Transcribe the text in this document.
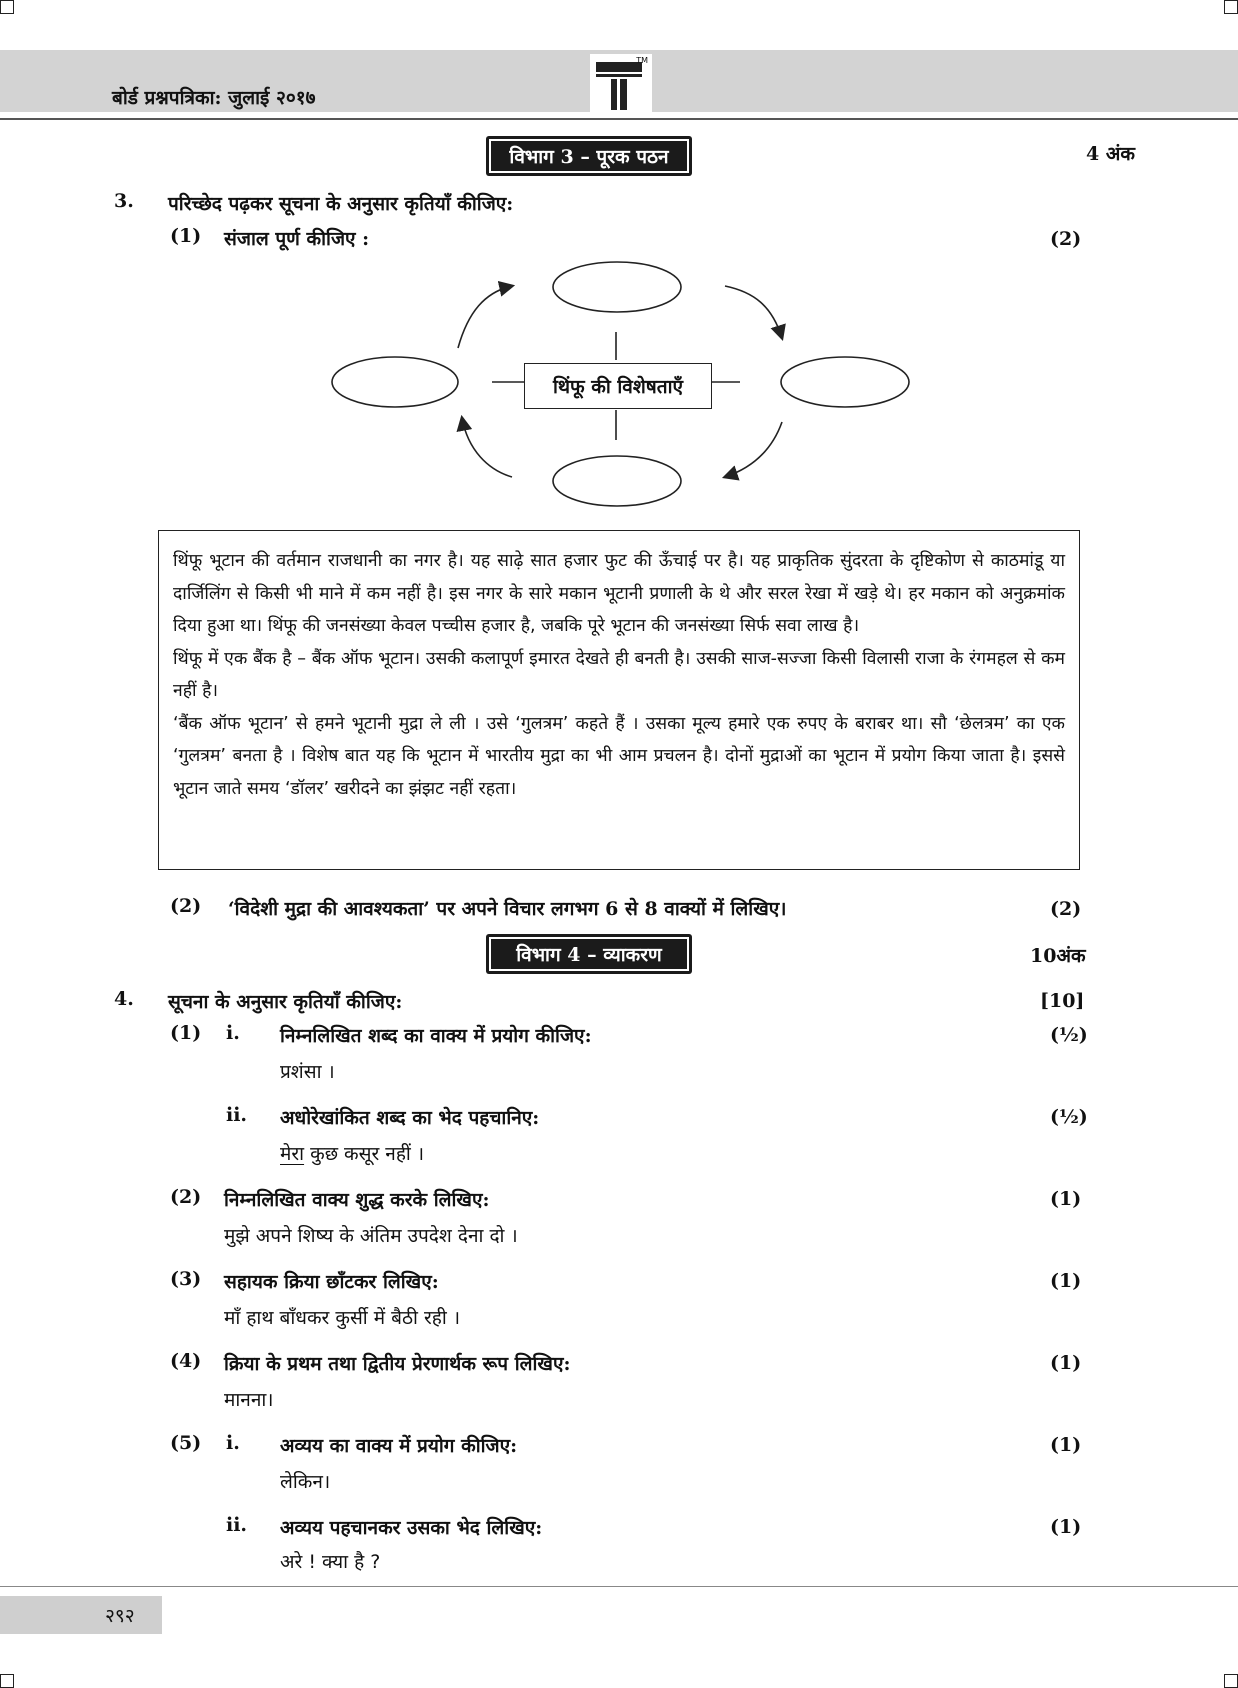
बोर्ड प्रश्नपत्रिका: जुलाई २०१७
TM
विभाग 3 – पूरक पठन	4 अंक
3. परिच्छेद पढ़कर सूचना के अनुसार कृतियाँ कीजिए:
(1) संजाल पूर्ण कीजिए :	(2)
थिंफू की विशेषताएँ

थिंफू भूटान की वर्तमान राजधानी का नगर है। यह साढ़े सात हजार फुट की ऊँचाई पर है। यह प्राकृतिक सुंदरता के दृष्टिकोण से काठमांडू या दार्जिलिंग से किसी भी माने में कम नहीं है। इस नगर के सारे मकान भूटानी प्रणाली के थे और सरल रेखा में खड़े थे। हर मकान को अनुक्रमांक दिया हुआ था। थिंफू की जनसंख्या केवल पच्चीस हजार है, जबकि पूरे भूटान की जनसंख्या सिर्फ सवा लाख है।

थिंफू में एक बैंक है – बैंक ऑफ भूटान। उसकी कलापूर्ण इमारत देखते ही बनती है। उसकी साज-सज्जा किसी विलासी राजा के रंगमहल से कम नहीं है।

‘बैंक ऑफ भूटान’ से हमने भूटानी मुद्रा ले ली । उसे ‘गुलत्रम’ कहते हैं । उसका मूल्य हमारे एक रुपए के बराबर था। सौ ‘छेलत्रम’ का एक ‘गुलत्रम’ बनता है । विशेष बात यह कि भूटान में भारतीय मुद्रा का भी आम प्रचलन है। दोनों मुद्राओं का भूटान में प्रयोग किया जाता है। इससे भूटान जाते समय ‘डॉलर’ खरीदने का झंझट नहीं रहता।

(2) ‘विदेशी मुद्रा की आवश्यकता’ पर अपने विचार लगभग 6 से 8 वाक्यों में लिखिए।	(2)
विभाग 4 – व्याकरण	10अंक
4. सूचना के अनुसार कृतियाँ कीजिए:	[10]
(1) i. निम्नलिखित शब्द का वाक्य में प्रयोग कीजिए:	(½)
प्रशंसा ।
ii. अधोरेखांकित शब्द का भेद पहचानिए:	(½)
मेरा कुछ कसूर नहीं ।
(2) निम्नलिखित वाक्य शुद्ध करके लिखिए:	(1)
मुझे अपने शिष्य के अंतिम उपदेश देना दो ।
(3) सहायक क्रिया छाँटकर लिखिए:	(1)
माँ हाथ बाँधकर कुर्सी में बैठी रही ।
(4) क्रिया के प्रथम तथा द्वितीय प्रेरणार्थक रूप लिखिए:	(1)
मानना।
(5) i. अव्यय का वाक्य में प्रयोग कीजिए:	(1)
लेकिन।
ii. अव्यय पहचानकर उसका भेद लिखिए:	(1)
अरे ! क्या है ?
२९२
